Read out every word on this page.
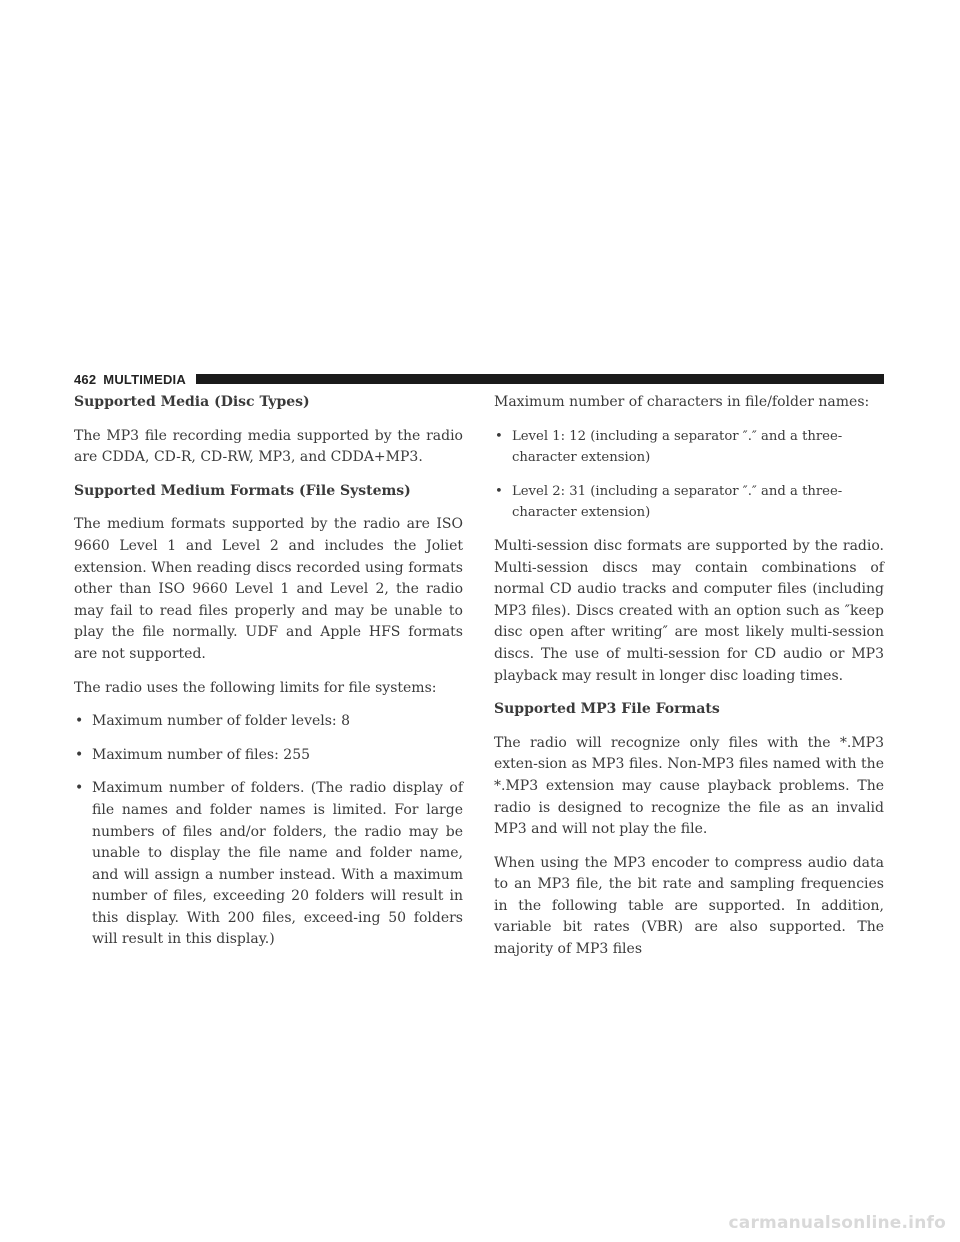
462 MULTIMEDIA
Supported Media (Disc Types)

The MP3 file recording media supported by the radio are CDDA, CD-R, CD-RW, MP3, and CDDA+MP3.

Supported Medium Formats (File Systems)

The medium formats supported by the radio are ISO 9660 Level 1 and Level 2 and includes the Joliet extension. When reading discs recorded using formats other than ISO 9660 Level 1 and Level 2, the radio may fail to read files properly and may be unable to play the file normally. UDF and Apple HFS formats are not supported.

The radio uses the following limits for file systems:

• Maximum number of folder levels: 8
• Maximum number of files: 255
• Maximum number of folders. (The radio display of file names and folder names is limited. For large numbers of files and/or folders, the radio may be unable to display the file name and folder name, and will assign a number instead. With a maximum number of files, exceeding 20 folders will result in this display. With 200 files, exceed-ing 50 folders will result in this display.)

Maximum number of characters in file/folder names:

• Level 1: 12 (including a separator ″.″ and a three-character extension)
• Level 2: 31 (including a separator ″.″ and a three-character extension)

Multi-session disc formats are supported by the radio. Multi-session discs may contain combinations of normal CD audio tracks and computer files (including MP3 files). Discs created with an option such as ″keep disc open after writing″ are most likely multi-session discs. The use of multi-session for CD audio or MP3 playback may result in longer disc loading times.

Supported MP3 File Formats

The radio will recognize only files with the *.MP3 exten-sion as MP3 files. Non-MP3 files named with the *.MP3 extension may cause playback problems. The radio is designed to recognize the file as an invalid MP3 and will not play the file.

When using the MP3 encoder to compress audio data to an MP3 file, the bit rate and sampling frequencies in the following table are supported. In addition, variable bit rates (VBR) are also supported. The majority of MP3 files

carmanualsonline.info
